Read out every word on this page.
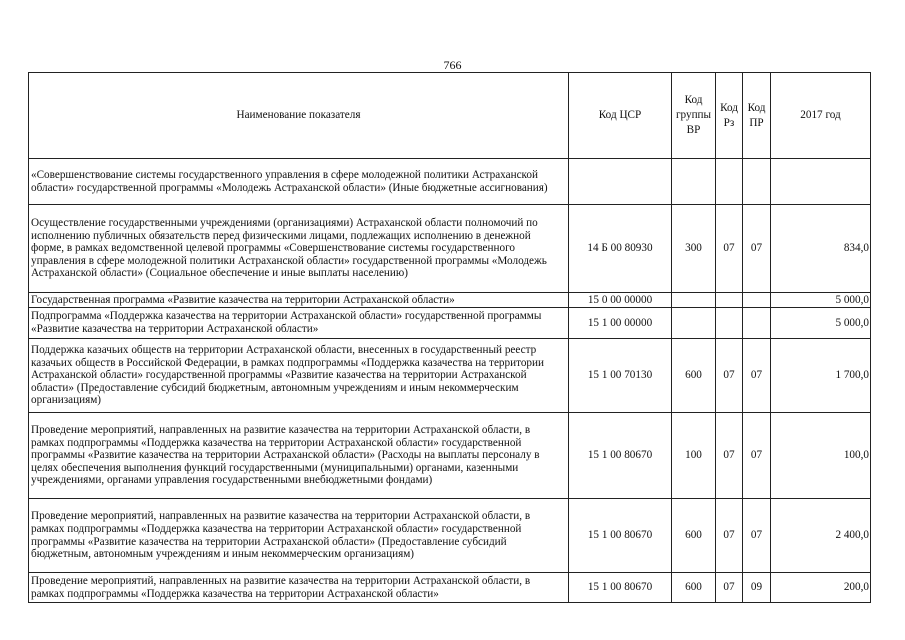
766
Наименование показателя	Код ЦСР	Код группы ВР	Код Рз	Код ПР	2017 год
«Совершенствование системы государственного управления в сфере молодежной политики Астраханской области» государственной программы «Молодежь Астраханской области» (Иные бюджетные ассигнования)					
Осуществление государственными учреждениями (организациями) Астраханской области полномочий по исполнению публичных обязательств перед физическими лицами, подлежащих исполнению в денежной форме, в рамках ведомственной целевой программы «Совершенствование системы государственного управления в сфере молодежной политики Астраханской области» государственной программы «Молодежь Астраханской области» (Социальное обеспечение и иные выплаты населению)	14 Б 00 80930	300	07	07	834,0
Государственная программа «Развитие казачества на территории Астраханской области»	15 0 00 00000				5 000,0
Подпрограмма «Поддержка казачества на территории Астраханской области» государственной программы «Развитие казачества на территории Астраханской области»	15 1 00 00000				5 000,0
Поддержка казачьих обществ на территории Астраханской области, внесенных в государственный реестр казачьих обществ в Российской Федерации, в рамках подпрограммы «Поддержка казачества на территории Астраханской области» государственной программы «Развитие казачества на территории Астраханской области» (Предоставление субсидий бюджетным, автономным учреждениям и иным некоммерческим организациям)	15 1 00 70130	600	07	07	1 700,0
Проведение мероприятий, направленных на развитие казачества на территории Астраханской области, в рамках подпрограммы «Поддержка казачества на территории Астраханской области» государственной программы «Развитие казачества на территории Астраханской области» (Расходы на выплаты персоналу в целях обеспечения выполнения функций государственными (муниципальными) органами, казенными учреждениями, органами управления государственными внебюджетными фондами)	15 1 00 80670	100	07	07	100,0
Проведение мероприятий, направленных на развитие казачества на территории Астраханской области, в рамках подпрограммы «Поддержка казачества на территории Астраханской области» государственной программы «Развитие казачества на территории Астраханской области» (Предоставление субсидий бюджетным, автономным учреждениям и иным некоммерческим организациям)	15 1 00 80670	600	07	07	2 400,0
Проведение мероприятий, направленных на развитие казачества на территории Астраханской области, в рамках подпрограммы «Поддержка казачества на территории Астраханской области»	15 1 00 80670	600	07	09	200,0
